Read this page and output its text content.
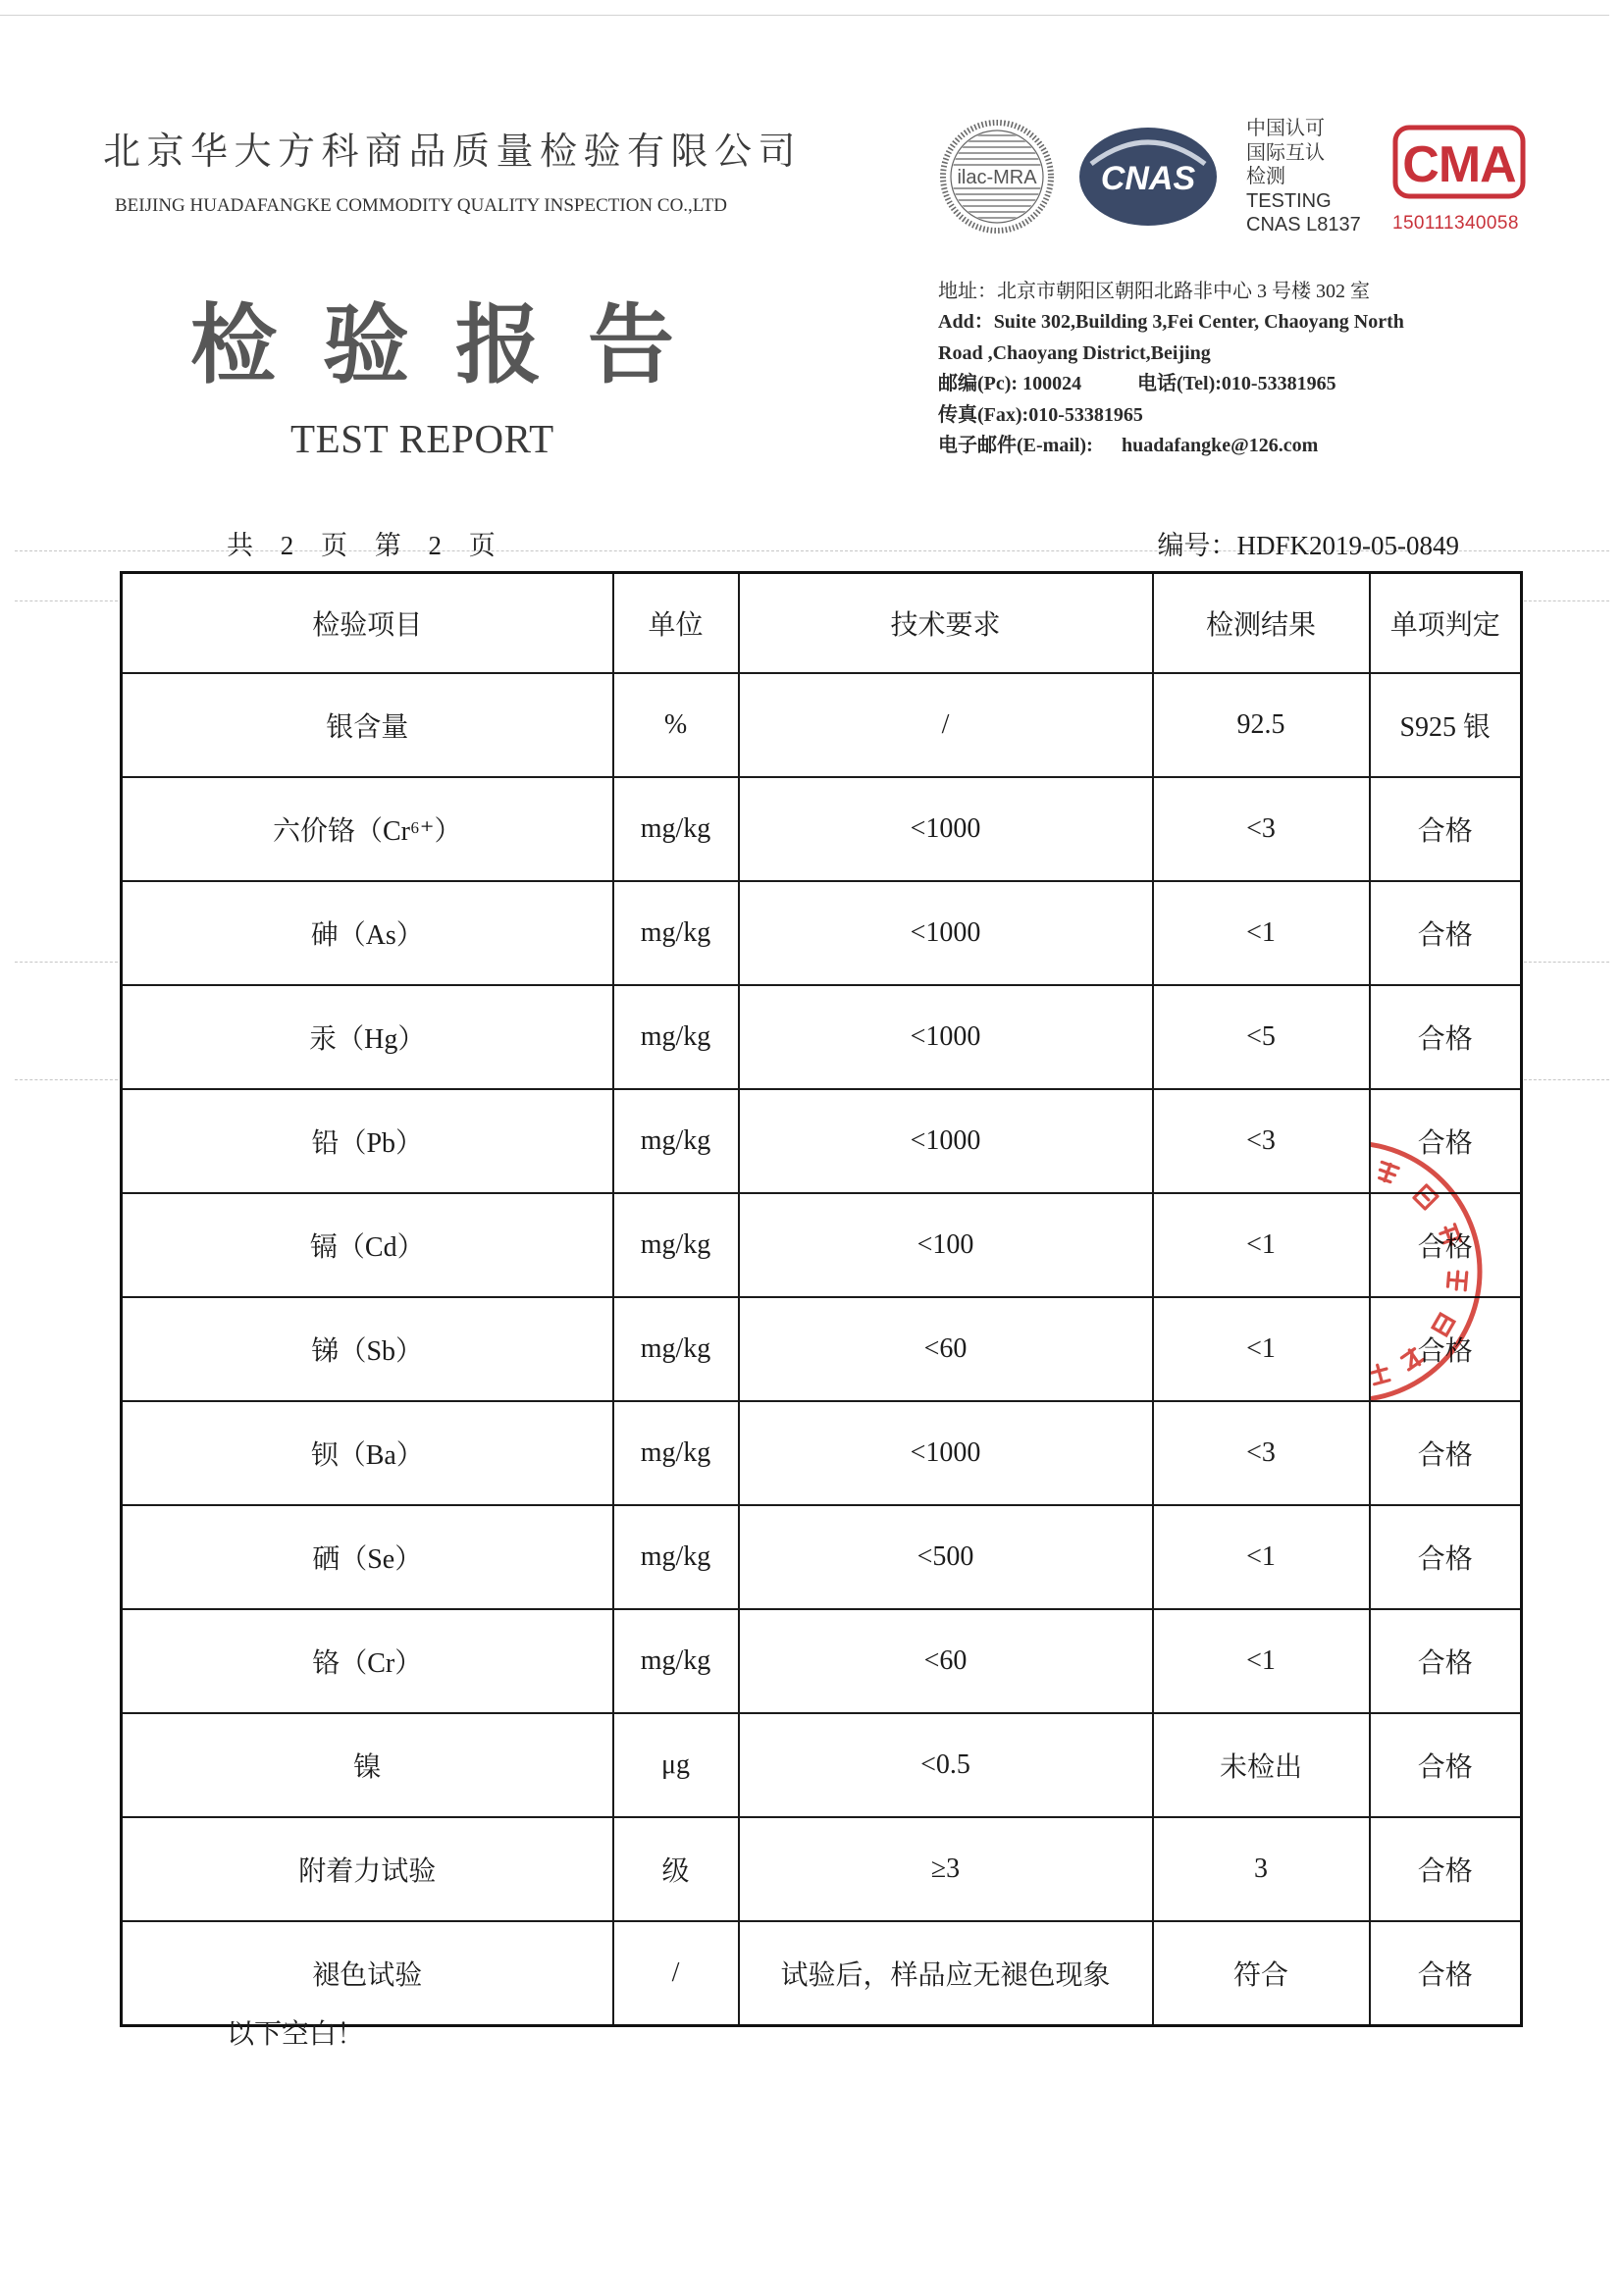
北京华大方科商品质量检验有限公司
BEIJING HUADAFANGKE COMMODITY QUALITY INSPECTION CO.,LTD
ilac-MRA CNAS
中国认可
国际互认
检测
TESTING
CNAS L8137
CMA
150111340058
检验报告
TEST REPORT
地址：北京市朝阳区朝阳北路非中心 3 号楼 302 室
Add：Suite 302,Building 3,Fei Center, Chaoyang North
Road ,Chaoyang District,Beijing
邮编(Pc): 100024	电话(Tel):010-53381965
传真(Fax):010-53381965
电子邮件(E-mail): huadafangke@126.com
共 2 页 第 2 页	编号：HDFK2019-05-0849
检验项目	单位	技术要求	检测结果	单项判定
银含量	%	/	92.5	S925 银
六价铬（Cr⁶⁺）	mg/kg	<1000	<3	合格
砷（As）	mg/kg	<1000	<1	合格
汞（Hg）	mg/kg	<1000	<5	合格
铅（Pb）	mg/kg	<1000	<3	合格
镉（Cd）	mg/kg	<100	<1	合格
锑（Sb）	mg/kg	<60	<1	合格
钡（Ba）	mg/kg	<1000	<3	合格
硒（Se）	mg/kg	<500	<1	合格
铬（Cr）	mg/kg	<60	<1	合格
镍	μg	<0.5	未检出	合格
附着力试验	级	≥3	3	合格
褪色试验	/	试验后，样品应无褪色现象	符合	合格
以下空白！
